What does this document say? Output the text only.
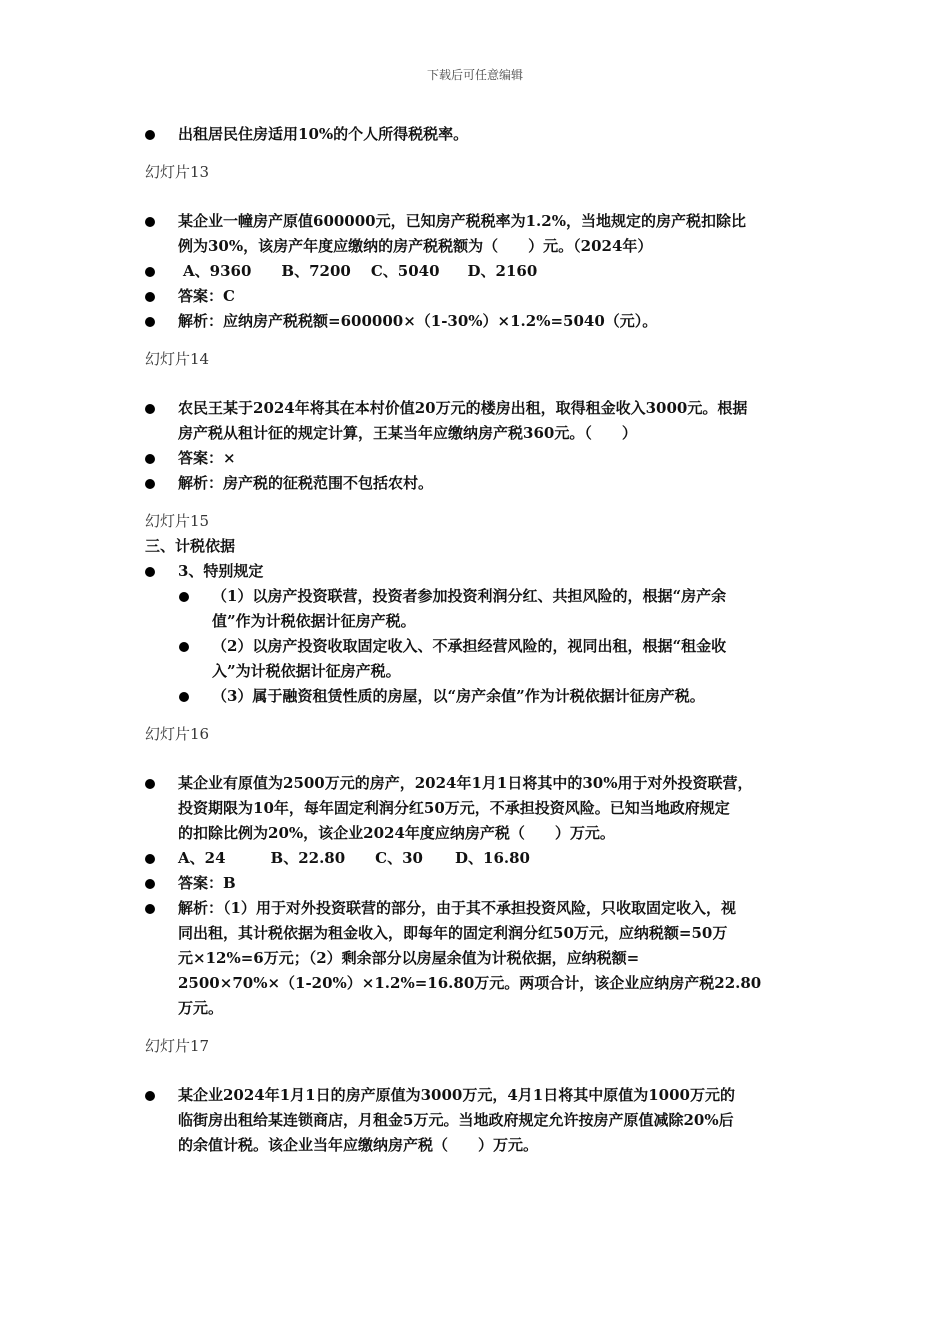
下载后可任意编辑
出租居民住房适用10%的个人所得税税率。
幻灯片13
某企业一幢房产原值600000元，已知房产税税率为1.2%，当地规定的房产税扣除比
例为30%，该房产年度应缴纳的房产税税额为（　　）元。（2024年）
A、9360 B、7200 C、5040 D、2160
答案：C
解析：应纳房产税税额=600000×（1-30%）×1.2%=5040（元）。
幻灯片14
农民王某于2024年将其在本村价值20万元的楼房出租，取得租金收入3000元。根据
房产税从租计征的规定计算，王某当年应缴纳房产税360元。（　　）
答案：×
解析：房产税的征税范围不包括农村。
幻灯片15
三、计税依据
3、特别规定
（1）以房产投资联营，投资者参加投资利润分红、共担风险的，根据“房产余
值”作为计税依据计征房产税。
（2）以房产投资收取固定收入、不承担经营风险的，视同出租，根据“租金收
入”为计税依据计征房产税。
（3）属于融资租赁性质的房屋，以“房产余值”作为计税依据计征房产税。
幻灯片16
某企业有原值为2500万元的房产，2024年1月1日将其中的30%用于对外投资联营，
投资期限为10年，每年固定利润分红50万元，不承担投资风险。已知当地政府规定
的扣除比例为20%，该企业2024年度应纳房产税（　　）万元。
A、24	B、22.80 C、30 D、16.80
答案：B
解析：（1）用于对外投资联营的部分，由于其不承担投资风险，只收取固定收入，视
同出租，其计税依据为租金收入，即每年的固定利润分红50万元，应纳税额=50万
元×12%=6万元；（2）剩余部分以房屋余值为计税依据，应纳税额=
2500×70%×（1-20%）×1.2%=16.80万元。两项合计，该企业应纳房产税22.80
万元。
幻灯片17
某企业2024年1月1日的房产原值为3000万元，4月1日将其中原值为1000万元的
临街房出租给某连锁商店，月租金5万元。当地政府规定允许按房产原值减除20%后
的余值计税。该企业当年应缴纳房产税（　　）万元。
